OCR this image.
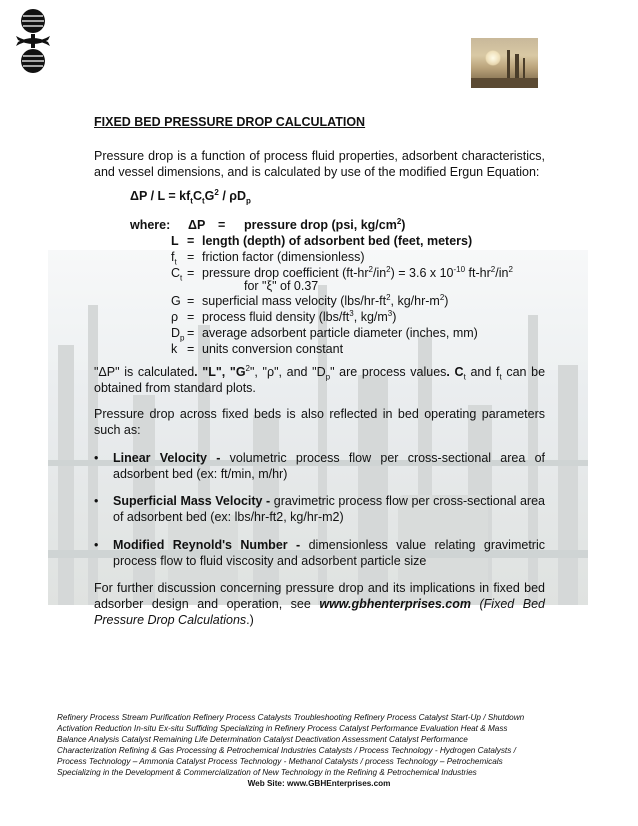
FIXED BED PRESSURE DROP CALCULATION
Pressure drop is a function of process fluid properties, adsorbent characteristics, and vessel dimensions, and is calculated by use of the modified Ergun Equation:
$\Delta P / L = kf_tC_tG^2 / \rho D_p$
where: ΔP = pressure drop (psi, $kg/cm^2$)
L = length (depth) of adsorbent bed (feet, meters)
$f_t$ = friction factor (dimensionless)
$C_t$ = pressure drop coefficient $(ft-hr^2/in^2) = 3.6$ x $10^{-10}$ $ft-hr^2/in^2$
for "ξ" of 0.37
G = superficial mass velocity ($lbs/hr-ft^2$, $kg/hr-m^2$)
ρ = process fluid density ($lbs/ft^3$, $kg/m^3$)
$D_p$ = average adsorbent particle diameter (inches, mm)
k = units conversion constant
"ΔP" is calculated. "L", "$G^2$", "ρ", and "$D_p$" are process values. $C_t$ and $f_t$ can be obtained from standard plots.
Pressure drop across fixed beds is also reflected in bed operating parameters such as:
• Linear Velocity - volumetric process flow per cross-sectional area of adsorbent bed (ex: ft/min, m/hr)
• Superficial Mass Velocity - gravimetric process flow per cross-sectional area of adsorbent bed (ex: lbs/hr-ft2, kg/hr-m2)
• Modified Reynold's Number - dimensionless value relating gravimetric process flow to fluid viscosity and adsorbent particle size
For further discussion concerning pressure drop and its implications in fixed bed adsorber design and operation, see www.gbhenterprises.com (Fixed Bed Pressure Drop Calculations.)
Refinery Process Stream Purification Refinery Process Catalysts Troubleshooting Refinery Process Catalyst Start-Up / Shutdown
Activation Reduction In-situ Ex-situ Suffiding Specializing in Refinery Process Catalyst Performance Evaluation Heat & Mass
Balance Analysis Catalyst Remaining Life Determination Catalyst Deactivation Assessment Catalyst Performance
Characterization Refining & Gas Processing & Petrochemical Industries Catalysts / Process Technology - Hydrogen Catalysts /
Process Technology – Ammonia Catalyst Process Technology - Methanol Catalysts / process Technology – Petrochemicals
Specializing in the Development & Commercialization of New Technology in the Refining & Petrochemical Industries
Web Site: www.GBHEnterprises.com
